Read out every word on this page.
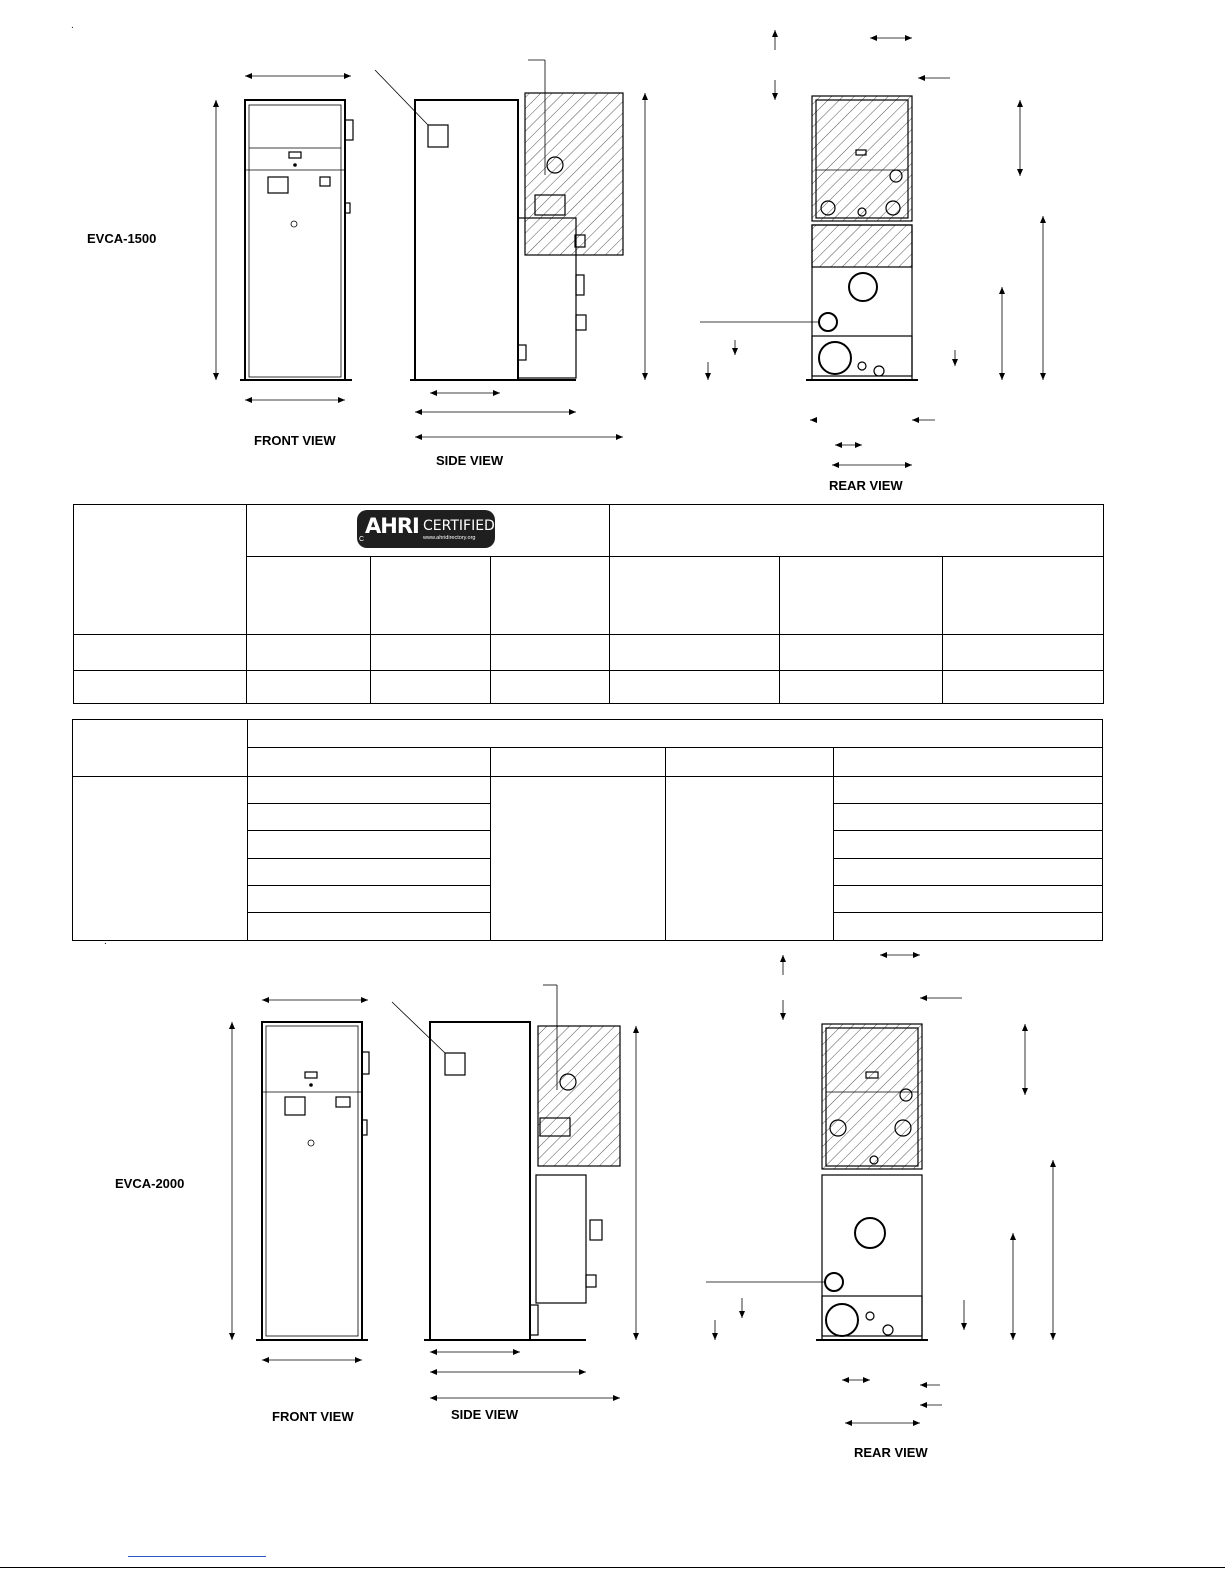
EVCA-1500
EVCA-2000
FRONT VIEW
SIDE VIEW
REAR VIEW
FRONT VIEW	SIDE VIEW
REAR VIEW
.
.

AHRI CERTIFIED®
www.ahridirectory.org
C
